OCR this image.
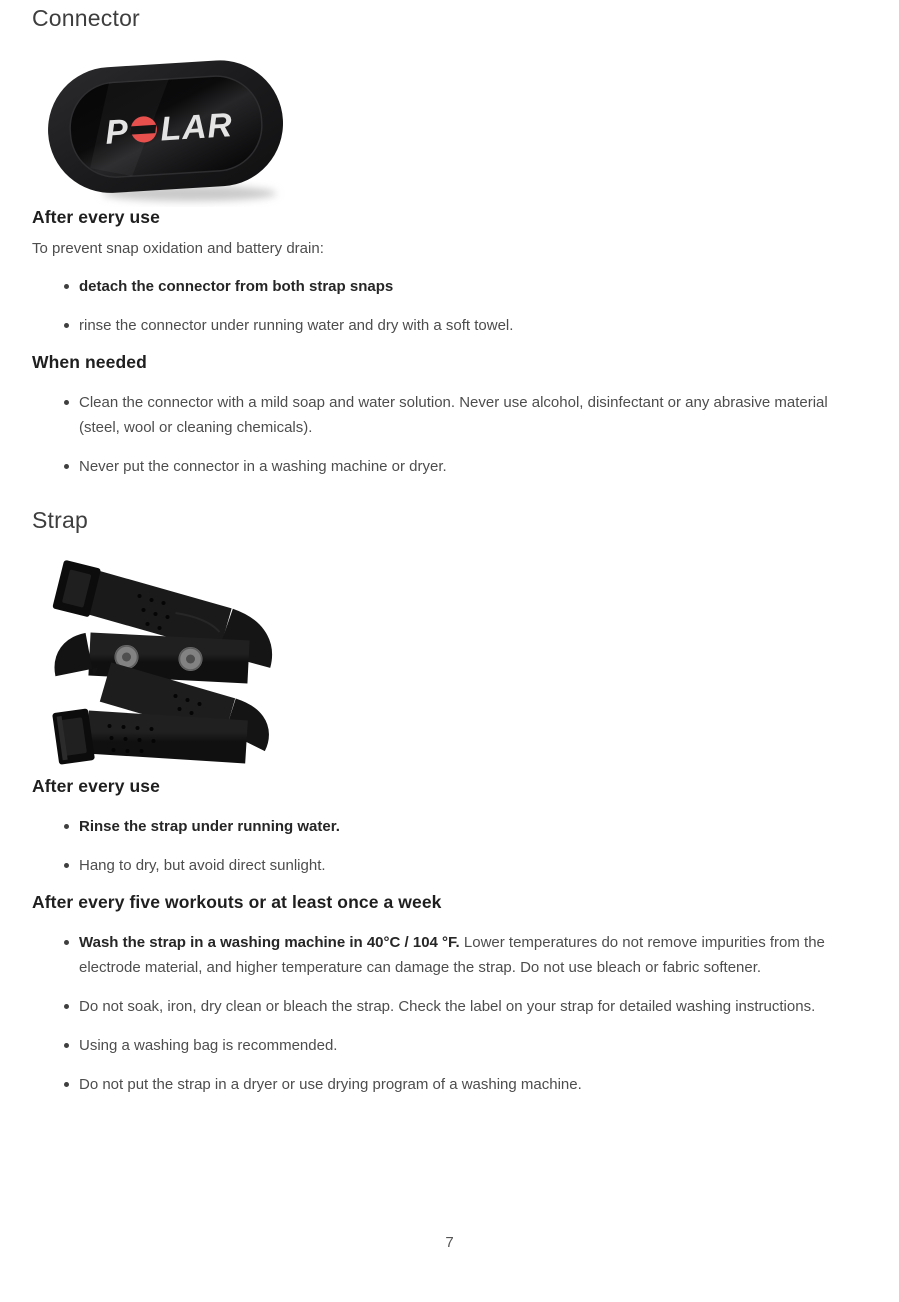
Connector
P LAR
After every use

To prevent snap oxidation and battery drain:

detach the connector from both strap snaps
rinse the connector under running water and dry with a soft towel.
When needed
Clean the connector with a mild soap and water solution. Never use alcohol, disinfectant or any abrasive material (steel, wool or cleaning chemicals).
Never put the connector in a washing machine or dryer.
Strap
After every use
Rinse the strap under running water.
Hang to dry, but avoid direct sunlight.
After every five workouts or at least once a week
Wash the strap in a washing machine in 40°C / 104 °F. Lower temperatures do not remove impurities from the electrode material, and higher temperature can damage the strap. Do not use bleach or fabric softener.
Do not soak, iron, dry clean or bleach the strap. Check the label on your strap for detailed washing instructions.
Using a washing bag is recommended.
Do not put the strap in a dryer or use drying program of a washing machine.
7
